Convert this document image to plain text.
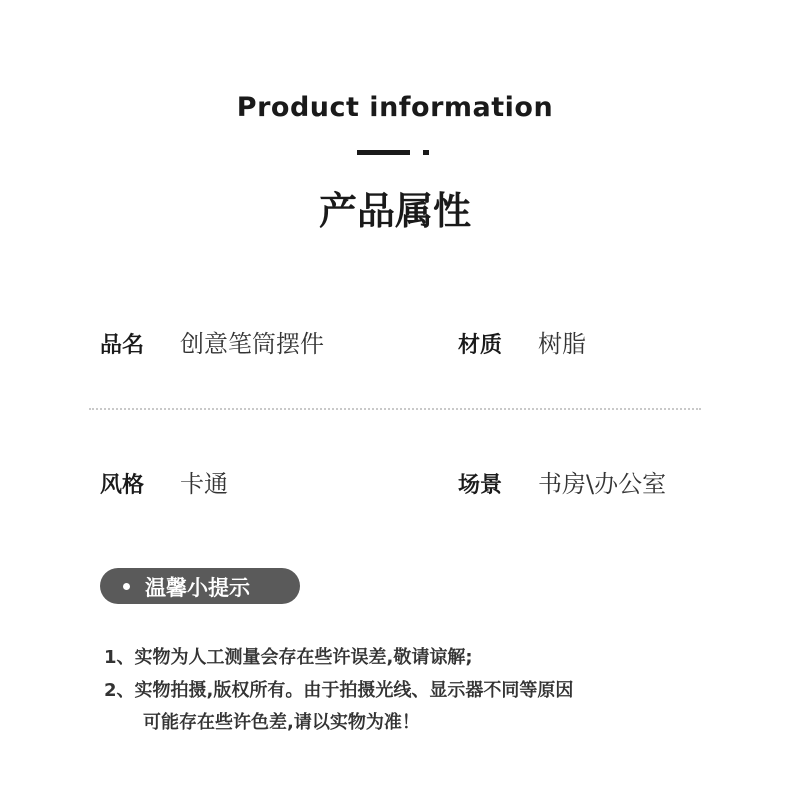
Product information
产品属性
品名 创意笔筒摆件	材质 树脂
风格 卡通	场景 书房\办公室
温馨小提示
1、实物为人工测量会存在些许误差,敬请谅解;
2、实物拍摄,版权所有。由于拍摄光线、显示器不同等原因
可能存在些许色差,请以实物为准！
